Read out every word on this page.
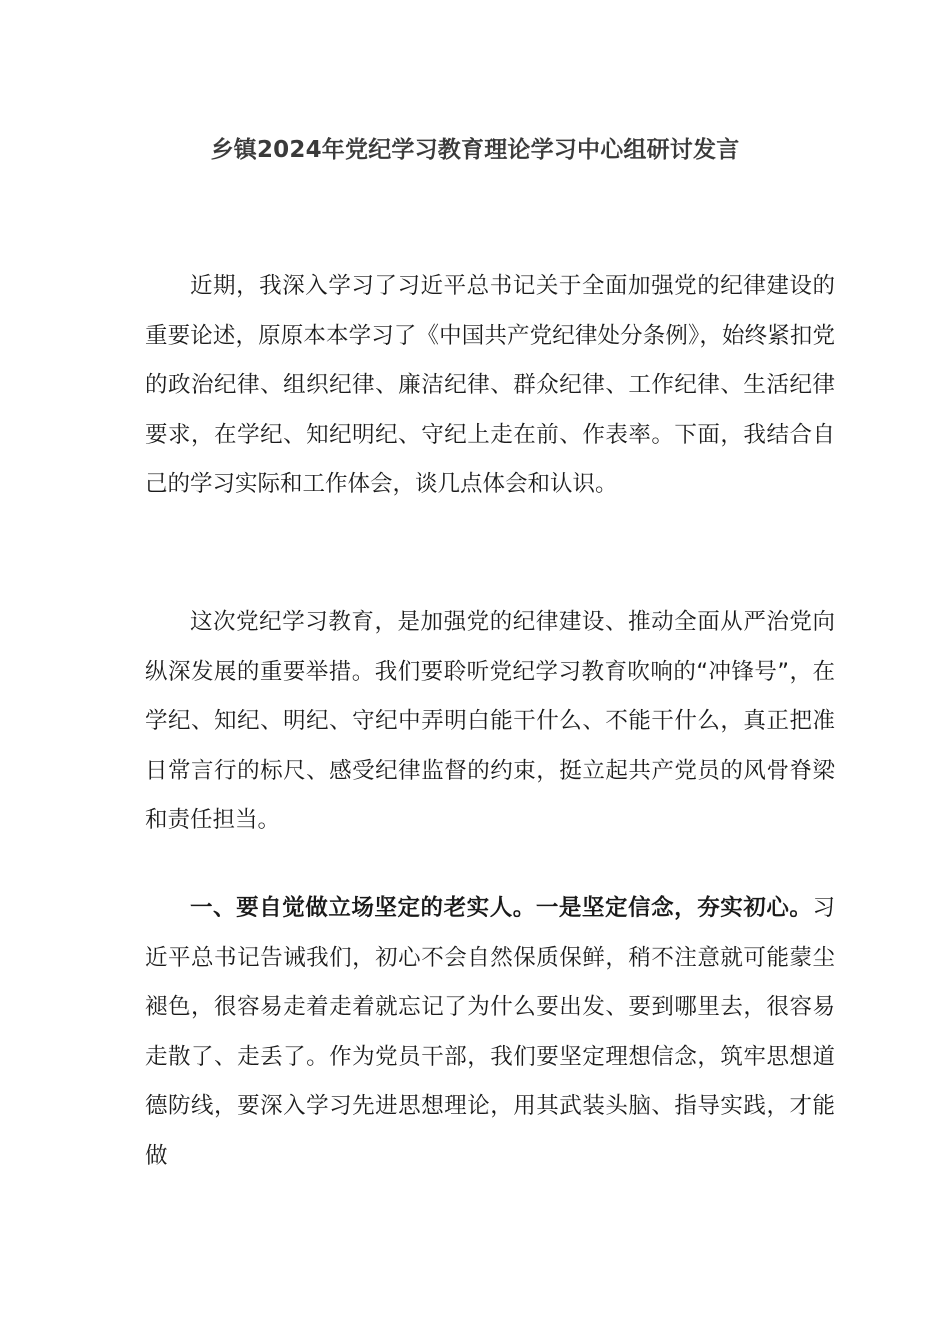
乡镇2024年党纪学习教育理论学习中心组研讨发言

近期，我深入学习了习近平总书记关于全面加强党的纪律建设的重要论述，原原本本学习了《中国共产党纪律处分条例》，始终紧扣党的政治纪律、组织纪律、廉洁纪律、群众纪律、工作纪律、生活纪律要求，在学纪、知纪明纪、守纪上走在前、作表率。下面，我结合自己的学习实际和工作体会，谈几点体会和认识。

这次党纪学习教育，是加强党的纪律建设、推动全面从严治党向纵深发展的重要举措。我们要聆听党纪学习教育吹响的“冲锋号”，在学纪、知纪、明纪、守纪中弄明白能干什么、不能干什么，真正把准日常言行的标尺、感受纪律监督的约束，挺立起共产党员的风骨脊梁和责任担当。

一、要自觉做立场坚定的老实人。一是坚定信念，夯实初心。习近平总书记告诫我们，初心不会自然保质保鲜，稍不注意就可能蒙尘褪色，很容易走着走着就忘记了为什么要出发、要到哪里去，很容易走散了、走丢了。作为党员干部，我们要坚定理想信念，筑牢思想道德防线，要深入学习先进思想理论，用其武装头脑、指导实践，才能做
